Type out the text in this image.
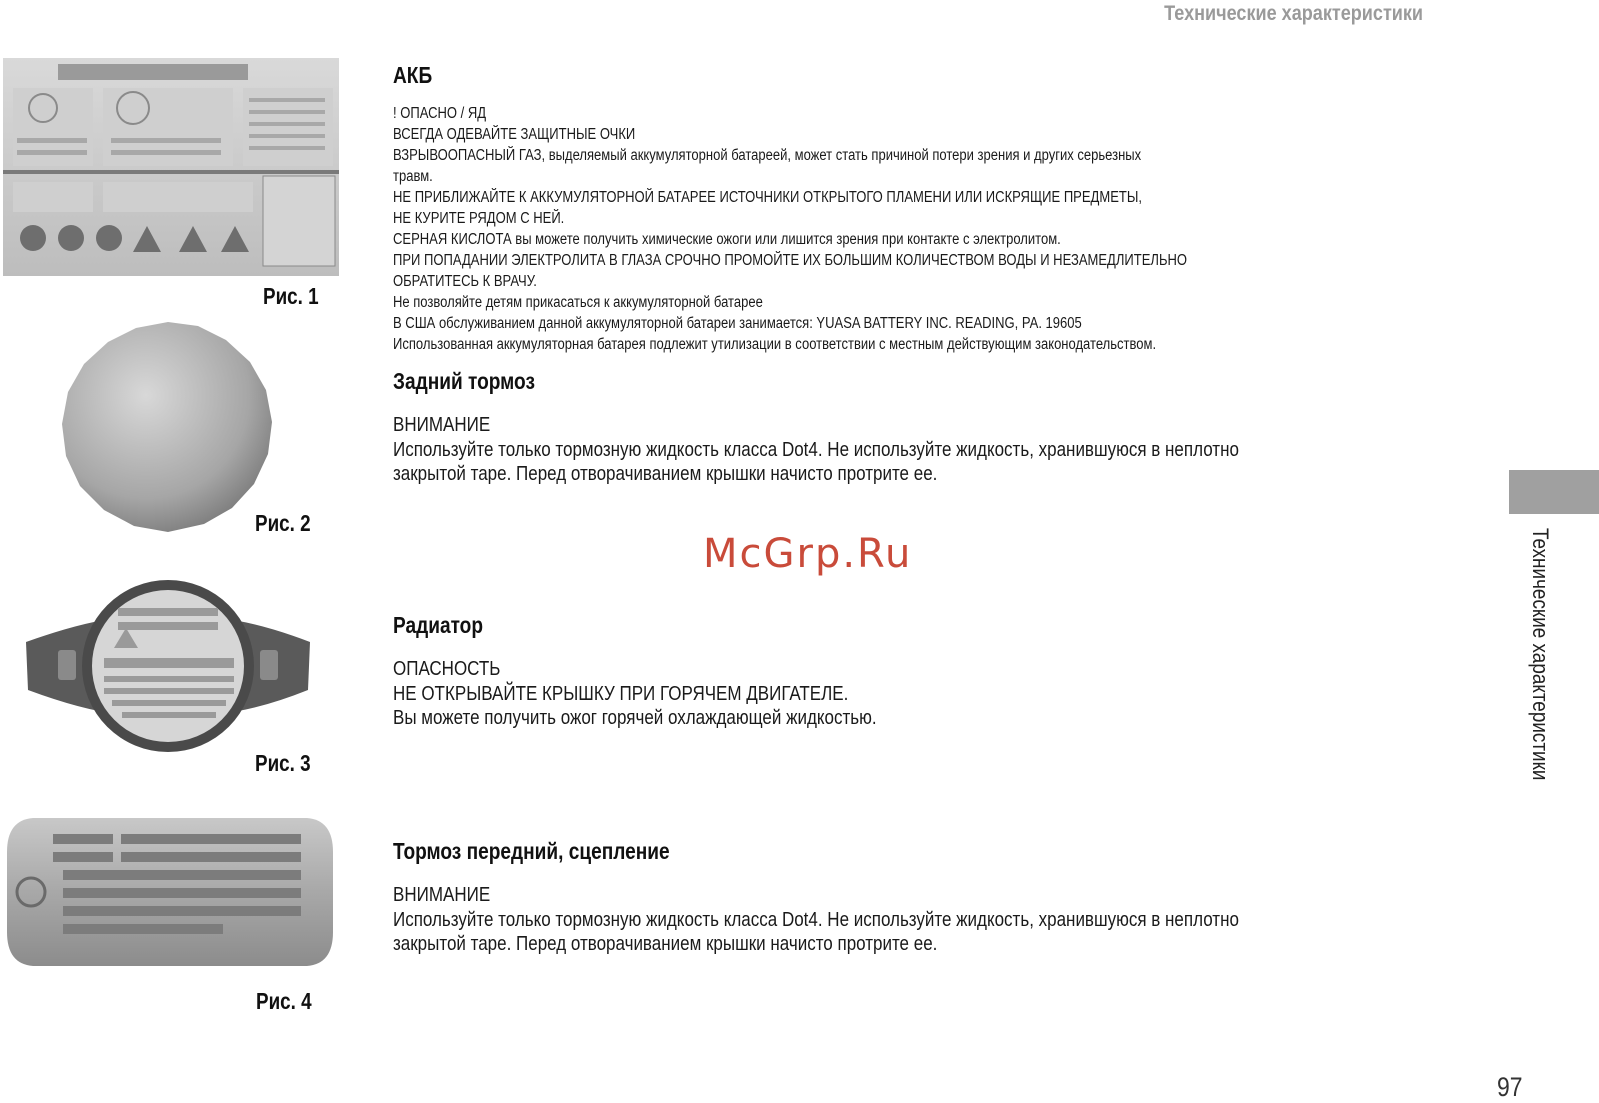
Технические характеристики
Технические характеристики
97
Рис. 1
Рис. 2
Рис. 3
Рис. 4
АКБ
! ОПАСНО / ЯД
ВСЕГДА ОДЕВАЙТЕ ЗАЩИТНЫЕ ОЧКИ
ВЗРЫВООПАСНЫЙ ГАЗ, выделяемый аккумуляторной батареей, может стать причиной потери зрения и других серьезных
травм.
НЕ ПРИБЛИЖАЙТЕ К АККУМУЛЯТОРНОЙ БАТАРЕЕ ИСТОЧНИКИ ОТКРЫТОГО ПЛАМЕНИ ИЛИ ИСКРЯЩИЕ ПРЕДМЕТЫ,
НЕ КУРИТЕ РЯДОМ С НЕЙ.
СЕРНАЯ КИСЛОТА вы можете получить химические ожоги или лишится зрения при контакте с электролитом.
ПРИ ПОПАДАНИИ ЭЛЕКТРОЛИТА В ГЛАЗА СРОЧНО ПРОМОЙТЕ ИХ БОЛЬШИМ КОЛИЧЕСТВОМ ВОДЫ И НЕЗАМЕДЛИТЕЛЬНО
ОБРАТИТЕСЬ К ВРАЧУ.
Не позволяйте детям прикасаться к аккумуляторной батарее
В США обслуживанием данной аккумуляторной батареи занимается: YUASA BATTERY INC. READING, PA. 19605
Использованная аккумуляторная батарея подлежит утилизации в соответствии с местным действующим законодательством.
Задний тормоз
ВНИМАНИЕ
Используйте только тормозную жидкость класса Dot4. Не используйте жидкость, хранившуюся в неплотно
закрытой таре. Перед отворачиванием крышки начисто протрите ее.
McGrp.Ru
Радиатор
ОПАСНОСТЬ
НЕ ОТКРЫВАЙТЕ КРЫШКУ ПРИ ГОРЯЧЕМ ДВИГАТЕЛЕ.
Вы можете получить ожог горячей охлаждающей жидкостью.
Тормоз передний, сцепление
ВНИМАНИЕ
Используйте только тормозную жидкость класса Dot4. Не используйте жидкость, хранившуюся в неплотно
закрытой таре. Перед отворачиванием крышки начисто протрите ее.
